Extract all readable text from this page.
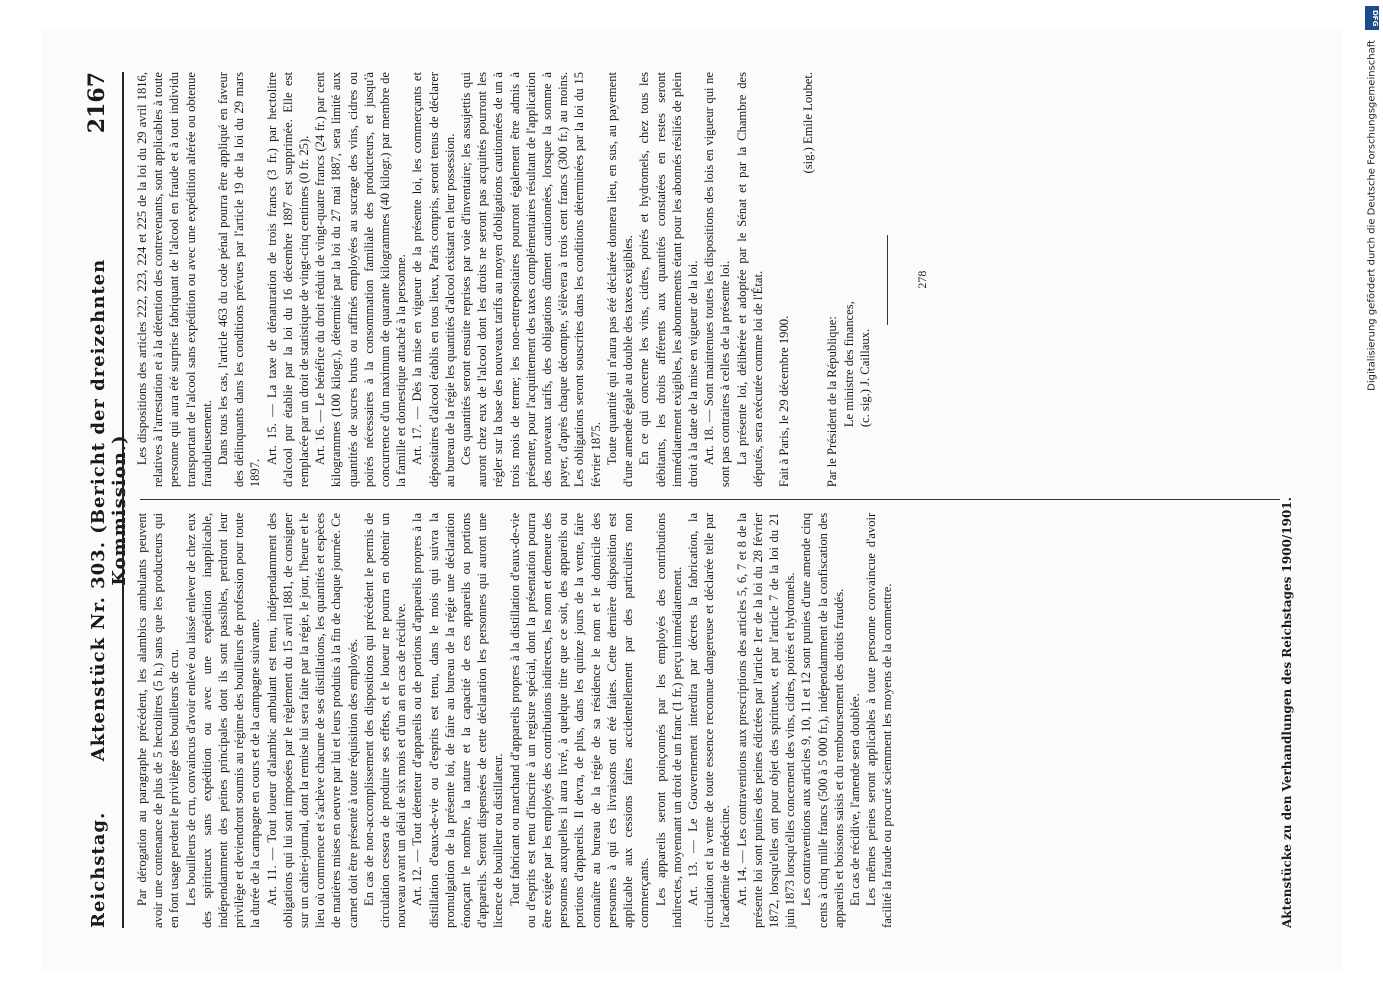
Reichstag.
Aktenstück Nr. 303. (Bericht der dreizehnten Kommission.)
2167

Par dérogation au paragraphe précédent, les alambics ambulants peuvent avoir une contenance de plus de 5 hectolitres (5 h.) sans que les producteurs qui en font usage perdent le privilège des bouilleurs de cru. Les bouilleurs de cru, convaincus d'avoir enlevé ou laissé enlever de chez eux des spiritueux sans expédition ou avec une expédition inapplicable, indépendamment des peines principales dont ils sont passibles, perdront leur privilège et deviendront soumis au régime des bouilleurs de profession pour toute la durée de la campagne en cours et de la campagne suivante. Art. 11. — Tout loueur d'alambic ambulant est tenu, indépendamment des obligations qui lui sont imposées par le règlement du 15 avril 1881, de consigner sur un cahier-journal, dont la remise lui sera faite par la régie, le jour, l'heure et le lieu où commence et s'achève chacune de ses distillations, les quantités et espèces de matières mises en oeuvre par lui et leurs produits à la fin de chaque journée. Ce carnet doit être présenté à toute réquisition des employés. En cas de non-accomplissement des dispositions qui précèdent le permis de circulation cessera de produire ses effets, et le loueur ne pourra en obtenir un nouveau avant un délai de six mois et d'un an en cas de récidive. Art. 12. — Tout détenteur d'appareils ou de portions d'appareils propres à la distillation d'eaux-de-vie ou d'esprits est tenu, dans le mois qui suivra la promulgation de la présente loi, de faire au bureau de la régie une déclaration énonçant le nombre, la nature et la capacité de ces appareils ou portions d'appareils. Seront dispensées de cette déclaration les personnes qui auront une licence de bouilleur ou distillateur. Tout fabricant ou marchand d'appareils propres à la distillation d'eaux-de-vie ou d'esprits est tenu d'inscrire à un registre spécial, dont la présentation pourra être exigée par les employés des contributions indirectes, les nom et demeure des personnes auxquelles il aura livré, à quelque titre que ce soit, des appareils ou portions d'appareils. Il devra, de plus, dans les quinze jours de la vente, faire connaître au bureau de la régie de sa résidence le nom et le domicile des personnes à qui ces livraisons ont été faites. Cette dernière disposition est applicable aux cessions faites accidentellement par des particuliers non commerçants. Les appareils seront poinçonnés par les employés des contributions indirectes, moyennant un droit de un franc (1 fr.) perçu immédiatement. Art. 13. — Le Gouvernement interdira par décrets la fabrication, la circulation et la vente de toute essence reconnue dangereuse et déclarée telle par l'académie de médecine. Art. 14. — Les contraventions aux prescriptions des articles 5, 6, 7 et 8 de la présente loi sont punies des peines édictées par l'article 1er de la loi du 28 février 1872, lorsqu'elles ont pour objet des spiritueux, et par l'article 7 de la loi du 21 juin 1873 lorsqu'elles concernent des vins, cidres, poirés et hydromels. Les contraventions aux articles 9, 10, 11 et 12 sont punies d'une amende cinq cents à cinq mille francs (500 à 5 000 fr.), indépendamment de la confiscation des appareils et boissons saisis et du remboursement des droits fraudés. En cas de récidive, l'amende sera doublée. Les mêmes peines seront applicables à toute personne convaincue d'avoir facilité la fraude ou procuré sciemment les moyens de la commettre.

Les dispositions des articles 222, 223, 224 et 225 de la loi du 29 avril 1816, relatives à l'arrestation et à la détention des contrevenants, sont applicables à toute personne qui aura été surprise fabriquant de l'alcool en fraude et à tout individu transportant de l'alcool sans expédition ou avec une expédition altérée ou obtenue frauduleusement. Dans tous les cas, l'article 463 du code pénal pourra être appliqué en faveur des délinquants dans les conditions prévues par l'article 19 de la loi du 29 mars 1897.

Art. 15. — La taxe de dénaturation de trois francs (3 fr.) par hectolitre d'alcool pur établie par la loi du 16 décembre 1897 est supprimée. Elle est remplacée par un droit de statistique de vingt-cinq centimes (0 fr. 25). Art. 16. — Le bénéfice du droit réduit de vingt-quatre francs (24 fr.) par cent kilogrammes (100 kilogr.), déterminé par la loi du 27 mai 1887, sera limité aux quantités de sucres bruts ou raffinés employées au sucrage des vins, cidres ou poirés nécessaires à la consommation familiale des producteurs, et jusqu'à concurrence d'un maximum de quarante kilogrammes (40 kilogr.) par membre de la famille et domestique attaché à la personne. Art. 17. — Dès la mise en vigueur de la présente loi, les commerçants et dépositaires d'alcool établis en tous lieux, Paris compris, seront tenus de déclarer au bureau de la régie les quantités d'alcool existant en leur possession. Ces quantités seront ensuite reprises par voie d'inventaire; les assujettis qui auront chez eux de l'alcool dont les droits ne seront pas acquittés pourront les régler sur la base des nouveaux tarifs au moyen d'obligations cautionnées de un à trois mois de terme; les non-entrepositaires pourront également être admis à présenter, pour l'acquittement des taxes complémentaires résultant de l'application des nouveaux tarifs, des obligations dûment cautionnées, lorsque la somme à payer, d'après chaque décompte, s'élèvera à trois cent francs (300 fr.) au moins. Les obligations seront souscrites dans les conditions déterminées par la loi du 15 février 1875. Toute quantité qui n'aura pas été déclarée donnera lieu, en sus, au payement d'une amende égale au double des taxes exigibles. En ce qui concerne les vins, cidres, poirés et hydromels, chez tous les débitants, les droits afférents aux quantités constatées en restes seront immédiatement exigibles, les abonnements étant pour les abonnés résiliés de plein droit à la date de la mise en vigueur de la loi. Art. 18. — Sont maintenues toutes les dispositions des lois en vigueur qui ne sont pas contraires à celles de la présente loi. La présente loi, délibérée et adoptée par le Sénat et par la Chambre des députés, sera exécutée comme loi de l'État. Fait à Paris, le 29 décembre 1900.

(sig.) Emile Loubet.

Par le Président de la République: Le ministre des finances, (c. sig.) J. Caillaux.

278
Aktenstücke zu den Verhandlungen des Reichstages 1900/1901.
DFG
Digitalisierung gefördert durch die Deutsche Forschungsgemeinschaft
